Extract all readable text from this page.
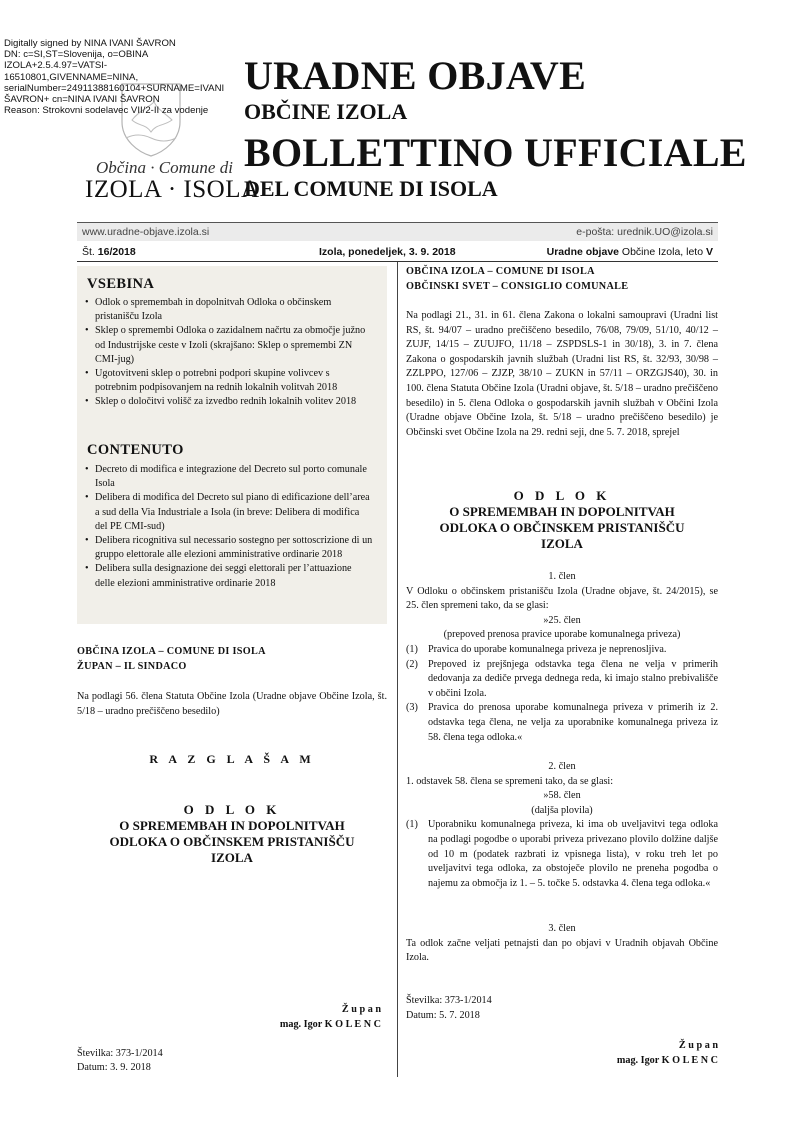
Digitally signed by NINA IVANI ŠAVRON
DN: c=SI,ST=Slovenija, o=OBINA
IZOLA+2.5.4.97=VATSI-
16510801,GIVENNAME=NINA,
serialNumber=24911388160104+SURNAME=IVANI
ŠAVRON+ cn=NINA IVANI ŠAVRON
Reason: Strokovni sodelavec VII/2-II za vodenje
Občina · Comune di
IZOLA · ISOLA
URADNE OBJAVE
OBČINE IZOLA
BOLLETTINO UFFICIALE
DEL COMUNE DI ISOLA
www.uradne-objave.izola.si	e-pošta: urednik.UO@izola.si
Št. 16/2018	Izola, ponedeljek, 3. 9. 2018	Uradne objave Občine Izola, leto V
VSEBINA
• Odlok o spremembah in dopolnitvah Odloka o občinskem pristanišču Izola
• Sklep o spremembi Odloka o zazidalnem načrtu za območje južno od Industrijske ceste v Izoli (skrajšano: Sklep o spremembi ZN CMI-jug)
• Ugotovitveni sklep o potrebni podpori skupine volivcev s potrebnim podpisovanjem na rednih lokalnih volitvah 2018
• Sklep o določitvi volišč za izvedbo rednih lokalnih volitev 2018
CONTENUTO
• Decreto di modifica e integrazione del Decreto sul porto comunale Isola
• Delibera di modifica del Decreto sul piano di edificazione dell’area a sud della Via Industriale a Isola (in breve: Delibera di modifica del PE CMI-sud)
• Delibera ricognitiva sul necessario sostegno per sottoscrizione di un gruppo elettorale alle elezioni amministrative ordinarie 2018
• Delibera sulla designazione dei seggi elettorali per l’attuazione delle elezioni amministrative ordinarie 2018
OBČINA IZOLA – COMUNE DI ISOLA
ŽUPAN – IL SINDACO
Na podlagi 56. člena Statuta Občine Izola (Uradne objave Občine Izola, št. 5/18 – uradno prečiščeno besedilo)
R A Z G L A Š A M
O D L O K
O SPREMEMBAH IN DOPOLNITVAH
ODLOKA O OBČINSKEM PRISTANIŠČU
IZOLA
Ž u p a n
mag. Igor K O L E N C
Številka: 373-1/2014
Datum: 3. 9. 2018
OBČINA IZOLA – COMUNE DI ISOLA
OBČINSKI SVET – CONSIGLIO COMUNALE
Na podlagi 21., 31. in 61. člena Zakona o lokalni samoupravi (Uradni list RS, št. 94/07 – uradno prečiščeno besedilo, 76/08, 79/09, 51/10, 40/12 – ZUJF, 14/15 – ZUUJFO, 11/18 – ZSPDSLS-1 in 30/18), 3. in 7. člena Zakona o gospodarskih javnih službah (Uradni list RS, št. 32/93, 30/98 – ZZLPPO, 127/06 – ZJZP, 38/10 – ZUKN in 57/11 – ORZGJS40), 30. in 100. člena Statuta Občine Izola (Uradni objave, št. 5/18 – uradno prečiščeno besedilo) in 5. člena Odloka o gospodarskih javnih službah v Občini Izola (Uradne objave Občine Izola, št. 5/18 – uradno prečiščeno besedilo) je Občinski svet Občine Izola na 29. redni seji, dne 5. 7. 2018, sprejel
O D L O K
O SPREMEMBAH IN DOPOLNITVAH
ODLOKA O OBČINSKEM PRISTANIŠČU
IZOLA
1. člen
V Odloku o občinskem pristanišču Izola (Uradne objave, št. 24/2015), se 25. člen spremeni tako, da se glasi:
»25. člen
(prepoved prenosa pravice uporabe komunalnega priveza)
(1) Pravica do uporabe komunalnega priveza je neprenosljiva.
(2) Prepoved iz prejšnjega odstavka tega člena ne velja v primerih dedovanja za dediče prvega dednega reda, ki imajo stalno prebivališče v občini Izola.
(3) Pravica do prenosa uporabe komunalnega priveza v primerih iz 2. odstavka tega člena, ne velja za uporabnike komunalnega priveza iz 58. člena tega odloka.«
2. člen
1. odstavek 58. člena se spremeni tako, da se glasi:
»58. člen
(daljša plovila)
(1) Uporabniku komunalnega priveza, ki ima ob uveljavitvi tega odloka na podlagi pogodbe o uporabi priveza privezano plovilo dolžine daljše od 10 m (podatek razbrati iz vpisnega lista), v roku treh let po uveljavitvi tega odloka, za obstoječe plovilo ne preneha pogodba o najemu za območja iz 1. – 5. točke 5. odstavka 4. člena tega odloka.«
3. člen
Ta odlok začne veljati petnajsti dan po objavi v Uradnih objavah Občine Izola.
Številka: 373-1/2014
Datum: 5. 7. 2018
Ž u p a n
mag. Igor K O L E N C
